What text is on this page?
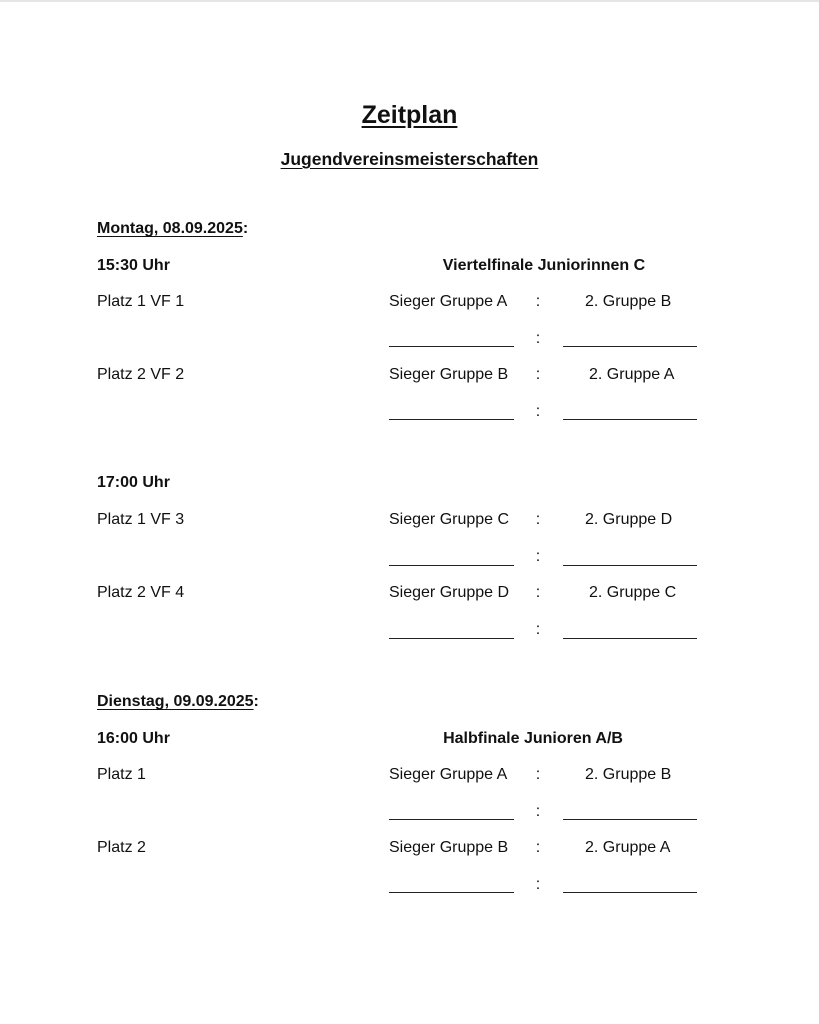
Zeitplan
Jugendvereinsmeisterschaften
Montag, 08.09.2025:
15:30 Uhr	Viertelfinale Juniorinnen C
Platz 1 VF 1	Sieger Gruppe A :	2. Gruppe B
:
Platz 2 VF 2	Sieger Gruppe B :	2. Gruppe A
:
17:00 Uhr
Platz 1 VF 3	Sieger Gruppe C :	2. Gruppe D
:
Platz 2 VF 4	Sieger Gruppe D :	2. Gruppe C
:
Dienstag, 09.09.2025:
16:00 Uhr	Halbfinale Junioren A/B
Platz 1	Sieger Gruppe A :	2. Gruppe B
:
Platz 2	Sieger Gruppe B :	2. Gruppe A
:
